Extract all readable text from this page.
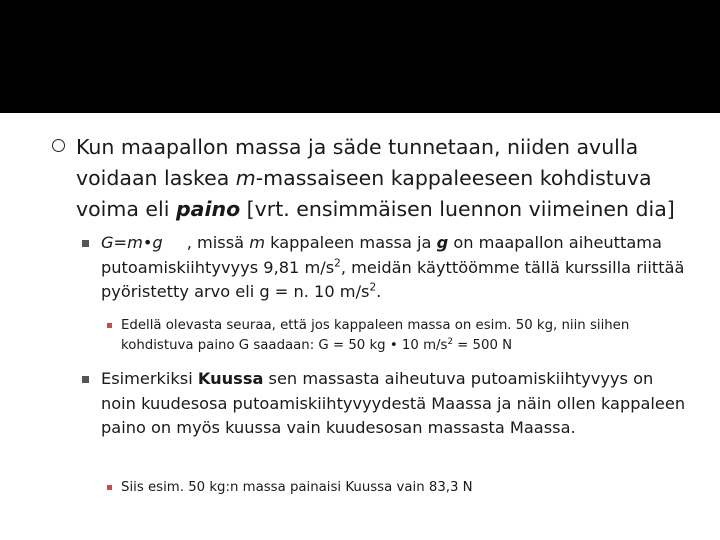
Kun maapallon massa ja säde tunnetaan, niiden avulla voidaan laskea m-massaiseen kappaleeseen kohdistuva voima eli paino [vrt. ensimmäisen luennon viimeinen dia]
G=m•g , missä m kappaleen massa ja g on maapallon aiheuttama putoamiskiihtyvyys 9,81 $m/s^2$, meidän käyttöömme tällä kurssilla riittää pyöristetty arvo eli g = n. 10 $m/s^2$.
Edellä olevasta seuraa, että jos kappaleen massa on esim. 50 kg, niin siihen kohdistuva paino G saadaan: G = 50 kg • 10 $m/s^2 = 500$ N
Esimerkiksi Kuussa sen massasta aiheutuva putoamiskiihtyvyys on noin kuudesosa putoamiskiihtyvyydestä Maassa ja näin ollen kappaleen paino on myös kuussa vain kuudesosan massasta Maassa.
Siis esim. 50 kg:n massa painaisi Kuussa vain 83,3 N
